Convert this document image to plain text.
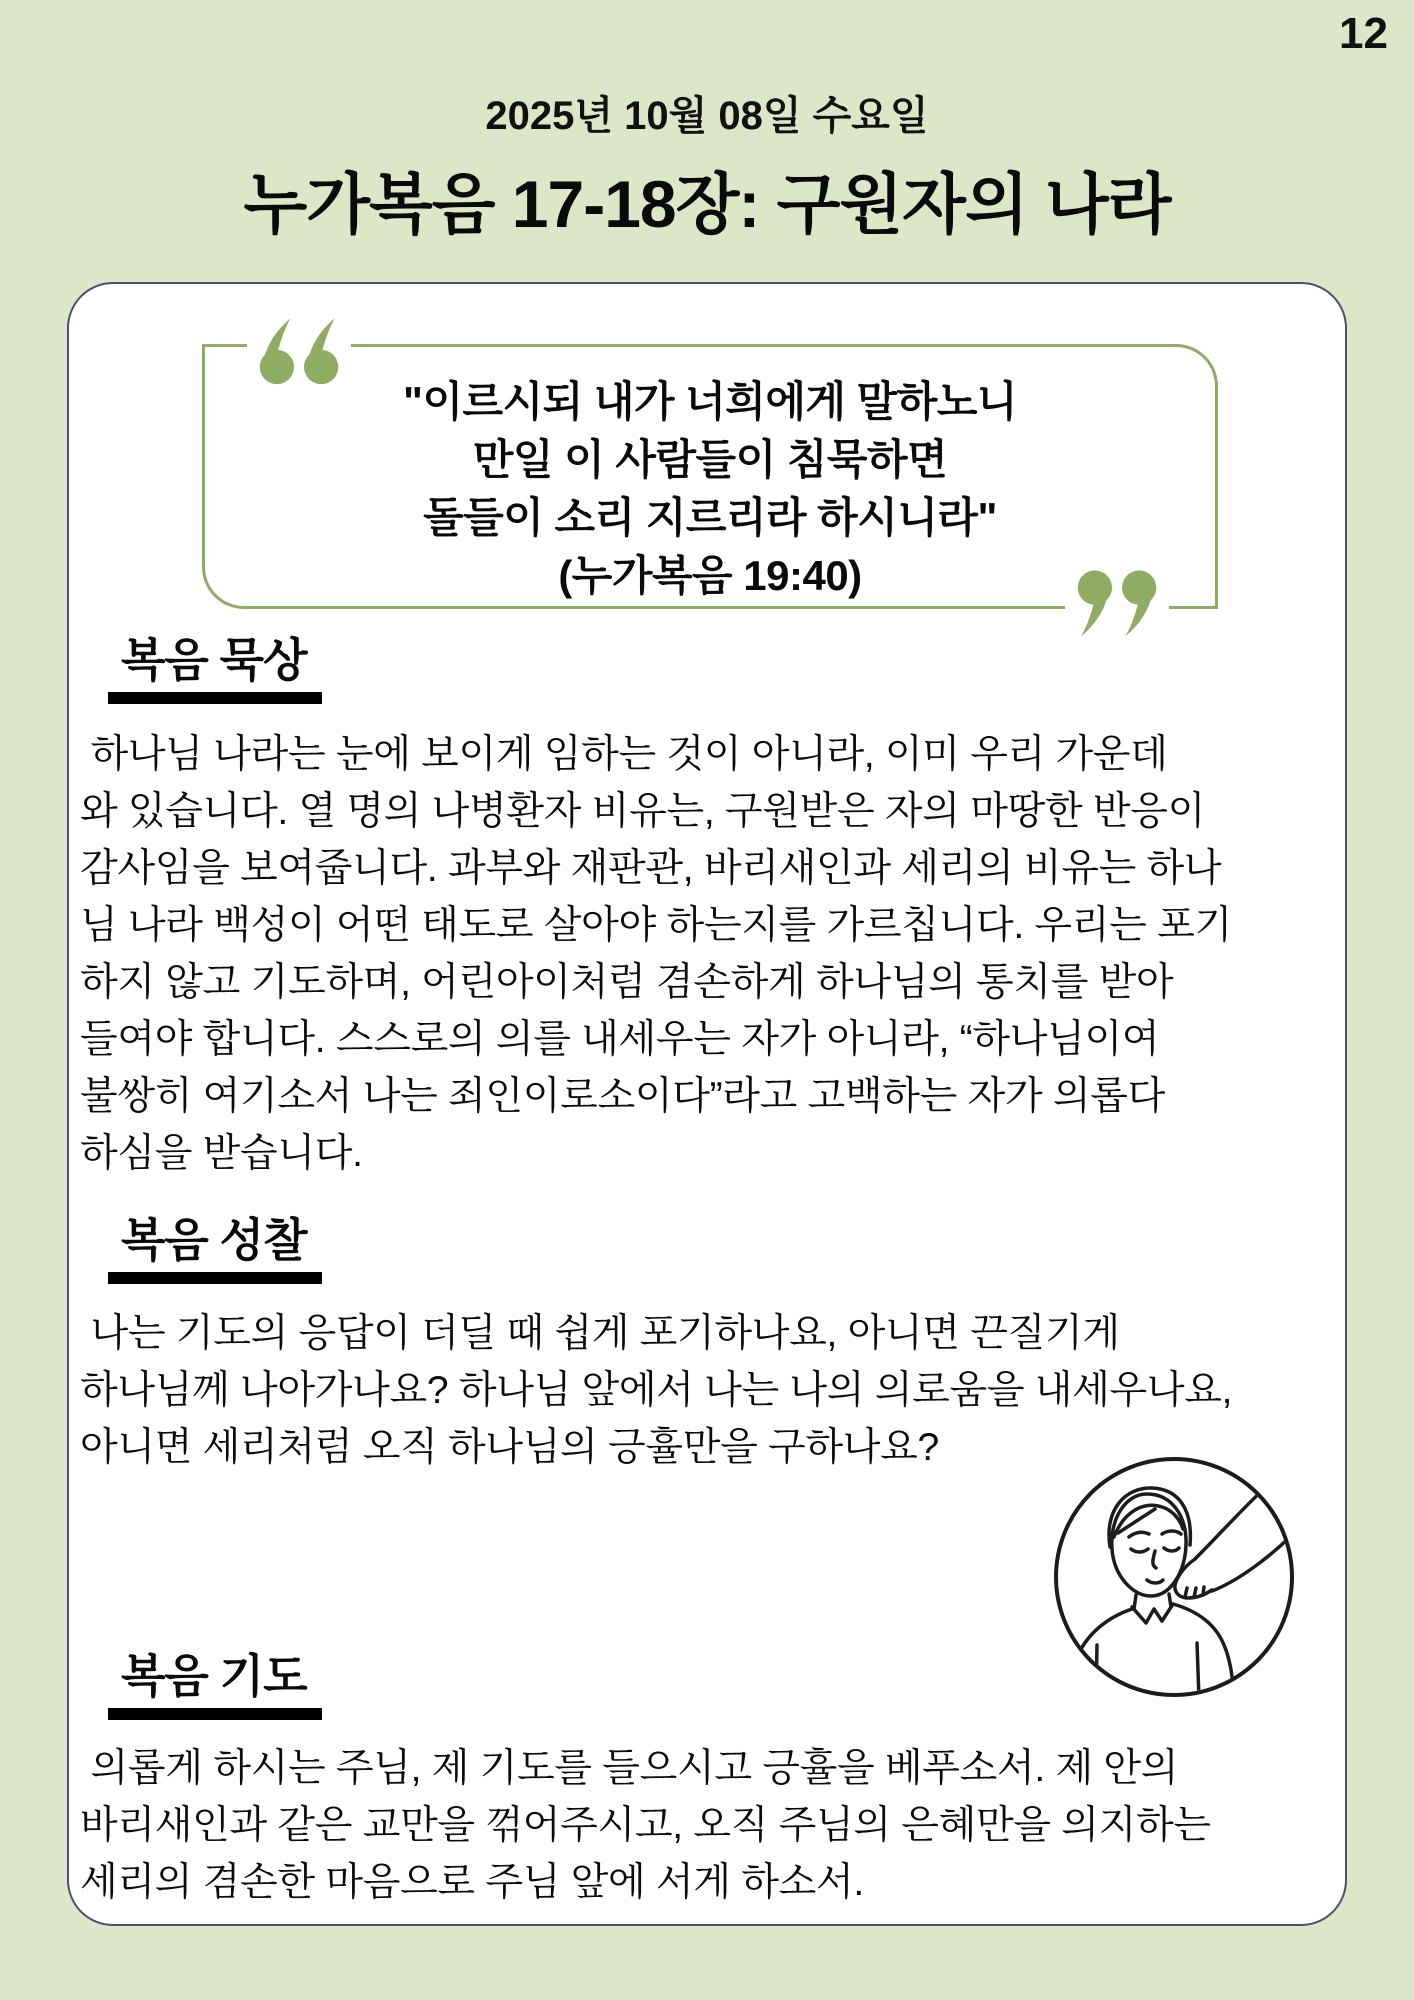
12
2025년 10월 08일 수요일
누가복음 17-18장: 구원자의 나라
"이르시되 내가 너희에게 말하노니
만일 이 사람들이 침묵하면
돌들이 소리 지르리라 하시니라"
(누가복음 19:40)
복음 묵상
하나님 나라는 눈에 보이게 임하는 것이 아니라, 이미 우리 가운데
와 있습니다. 열 명의 나병환자 비유는, 구원받은 자의 마땅한 반응이
감사임을 보여줍니다. 과부와 재판관, 바리새인과 세리의 비유는 하나
님 나라 백성이 어떤 태도로 살아야 하는지를 가르칩니다. 우리는 포기
하지 않고 기도하며, 어린아이처럼 겸손하게 하나님의 통치를 받아
들여야 합니다. 스스로의 의를 내세우는 자가 아니라, “하나님이여
불쌍히 여기소서 나는 죄인이로소이다”라고 고백하는 자가 의롭다
하심을 받습니다.
복음 성찰
나는 기도의 응답이 더딜 때 쉽게 포기하나요, 아니면 끈질기게
하나님께 나아가나요? 하나님 앞에서 나는 나의 의로움을 내세우나요,
아니면 세리처럼 오직 하나님의 긍휼만을 구하나요?
복음 기도
의롭게 하시는 주님, 제 기도를 들으시고 긍휼을 베푸소서. 제 안의
바리새인과 같은 교만을 꺾어주시고, 오직 주님의 은혜만을 의지하는
세리의 겸손한 마음으로 주님 앞에 서게 하소서.
